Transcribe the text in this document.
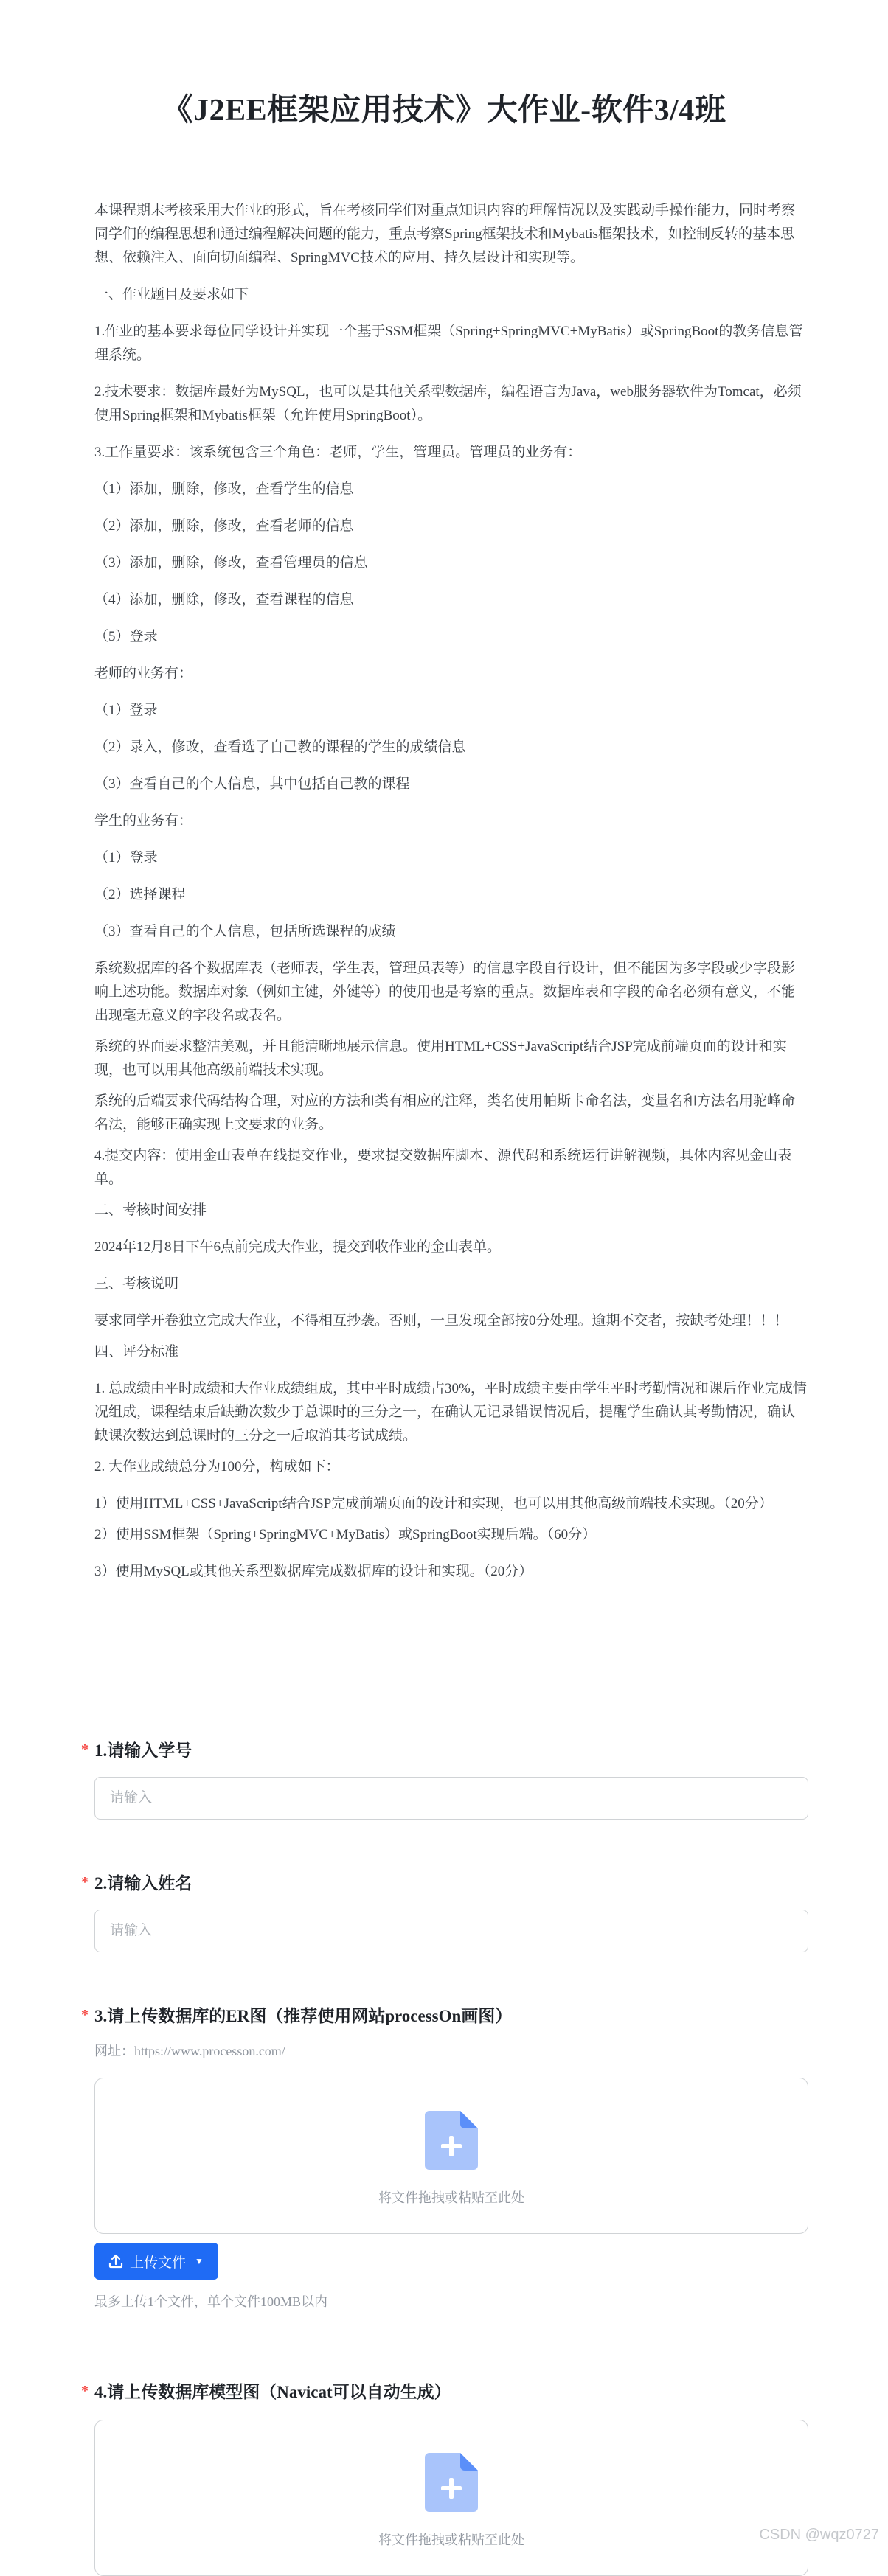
《J2EE框架应用技术》大作业-软件3/4班

本课程期末考核采用大作业的形式，旨在考核同学们对重点知识内容的理解情况以及实践动手操作能力，同时考察同学们的编程思想和通过编程解决问题的能力，重点考察Spring框架技术和Mybatis框架技术，如控制反转的基本思想、依赖注入、面向切面编程、SpringMVC技术的应用、持久层设计和实现等。

一、作业题目及要求如下

1.作业的基本要求每位同学设计并实现一个基于SSM框架（Spring+SpringMVC+MyBatis）或SpringBoot的教务信息管理系统。

2.技术要求：数据库最好为MySQL，也可以是其他关系型数据库，编程语言为Java，web服务器软件为Tomcat，必须使用Spring框架和Mybatis框架（允许使用SpringBoot）。

3.工作量要求：该系统包含三个角色：老师，学生，管理员。管理员的业务有：

（1）添加，删除，修改，查看学生的信息

（2）添加，删除，修改，查看老师的信息

（3）添加，删除，修改，查看管理员的信息

（4）添加，删除，修改，查看课程的信息

（5）登录

老师的业务有：

（1）登录

（2）录入，修改，查看选了自己教的课程的学生的成绩信息

（3）查看自己的个人信息，其中包括自己教的课程

学生的业务有：

（1）登录

（2）选择课程

（3）查看自己的个人信息，包括所选课程的成绩

系统数据库的各个数据库表（老师表，学生表，管理员表等）的信息字段自行设计，但不能因为多字段或少字段影响上述功能。数据库对象（例如主键，外键等）的使用也是考察的重点。数据库表和字段的命名必须有意义，不能出现毫无意义的字段名或表名。

系统的界面要求整洁美观，并且能清晰地展示信息。使用HTML+CSS+JavaScript结合JSP完成前端页面的设计和实现，也可以用其他高级前端技术实现。

系统的后端要求代码结构合理，对应的方法和类有相应的注释，类名使用帕斯卡命名法，变量名和方法名用驼峰命名法，能够正确实现上文要求的业务。

4.提交内容：使用金山表单在线提交作业，要求提交数据库脚本、源代码和系统运行讲解视频，具体内容见金山表单。

二、考核时间安排

2024年12月8日下午6点前完成大作业，提交到收作业的金山表单。

三、考核说明

要求同学开卷独立完成大作业，不得相互抄袭。否则，一旦发现全部按0分处理。逾期不交者，按缺考处理！！！

四、评分标准

1. 总成绩由平时成绩和大作业成绩组成，其中平时成绩占30%，平时成绩主要由学生平时考勤情况和课后作业完成情况组成，课程结束后缺勤次数少于总课时的三分之一，在确认无记录错误情况后，提醒学生确认其考勤情况，确认缺课次数达到总课时的三分之一后取消其考试成绩。

2. 大作业成绩总分为100分，构成如下：

1）使用HTML+CSS+JavaScript结合JSP完成前端页面的设计和实现，也可以用其他高级前端技术实现。（20分）

2）使用SSM框架（Spring+SpringMVC+MyBatis）或SpringBoot实现后端。（60分）

3）使用MySQL或其他关系型数据库完成数据库的设计和实现。（20分）

* 1.请输入学号
请输入
* 2.请输入姓名
请输入
* 3.请上传数据库的ER图（推荐使用网站processOn画图）
网址：https://www.processon.com/
将文件拖拽或粘贴至此处
上传文件 ▼
最多上传1个文件，单个文件100MB以内
* 4.请上传数据库模型图（Navicat可以自动生成）
将文件拖拽或粘贴至此处	CSDN @wqz0727
